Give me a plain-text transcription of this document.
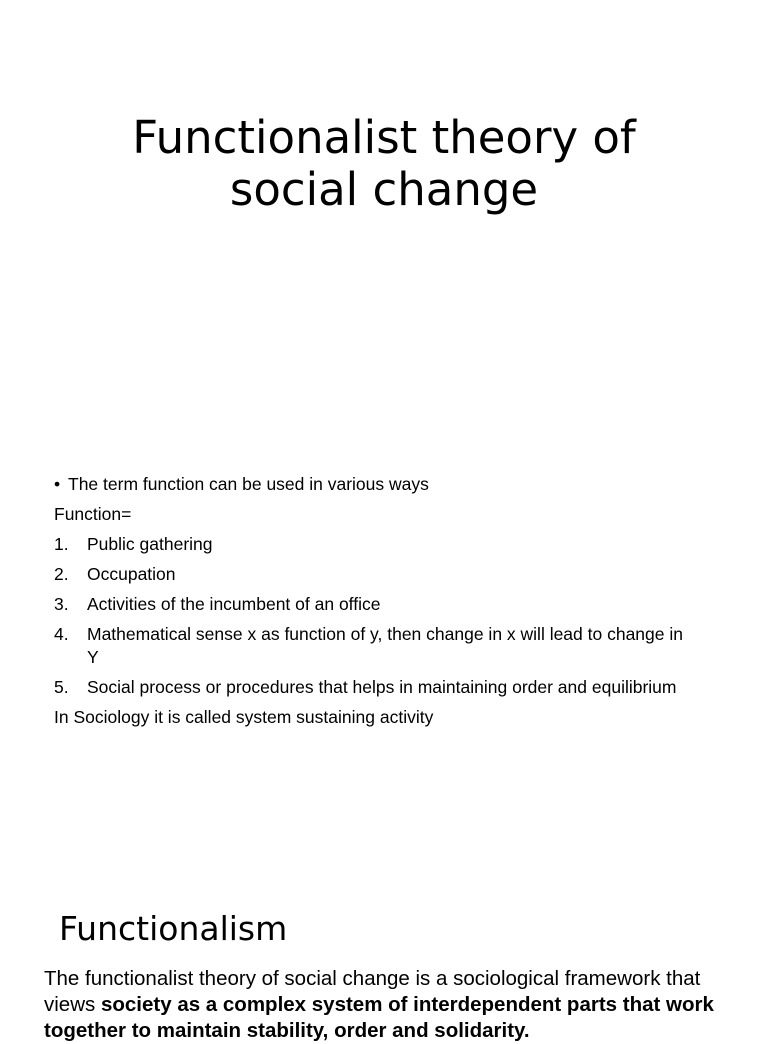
Functionalist theory of
social change
• The term function can be used in various ways
Function=
1. Public gathering
2. Occupation
3. Activities of the incumbent of an office
4. Mathematical sense x as function of y, then change in x will lead to change in Y
5. Social process or procedures that helps in maintaining order and equilibrium
In Sociology it is called system sustaining activity
Functionalism

The functionalist theory of social change is a sociological framework that views society as a complex system of interdependent parts that work together to maintain stability, order and solidarity.
